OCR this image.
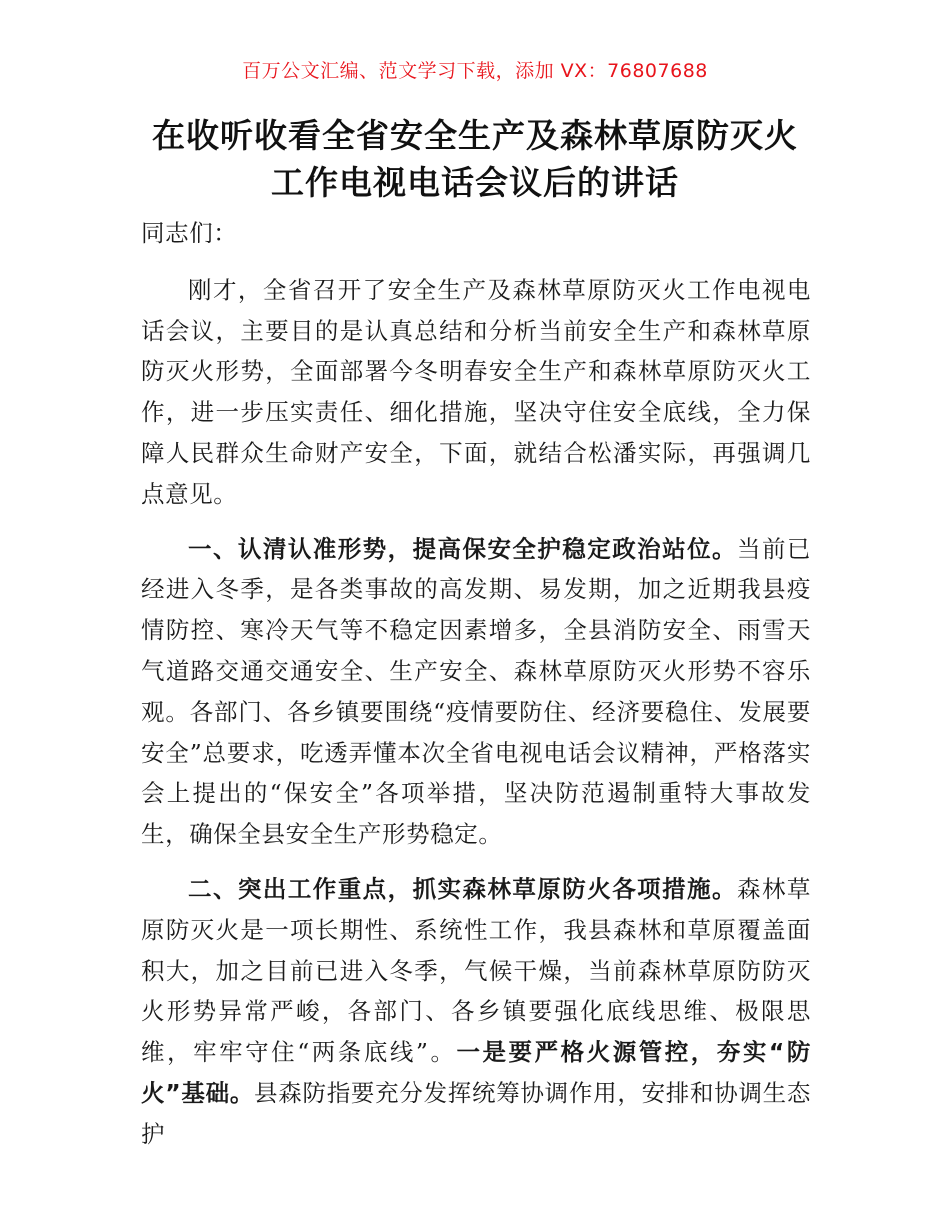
百万公文汇编、范文学习下载，添加 VX：76807688
在收听收看全省安全生产及森林草原防灭火
工作电视电话会议后的讲话

同志们：

刚才，全省召开了安全生产及森林草原防灭火工作电视电话会议，主要目的是认真总结和分析当前安全生产和森林草原防灭火形势，全面部署今冬明春安全生产和森林草原防灭火工作，进一步压实责任、细化措施，坚决守住安全底线，全力保障人民群众生命财产安全，下面，就结合松潘实际，再强调几点意见。

一、认清认准形势，提高保安全护稳定政治站位。当前已经进入冬季，是各类事故的高发期、易发期，加之近期我县疫情防控、寒冷天气等不稳定因素增多，全县消防安全、雨雪天气道路交通交通安全、生产安全、森林草原防灭火形势不容乐观。各部门、各乡镇要围绕“疫情要防住、经济要稳住、发展要安全”总要求，吃透弄懂本次全省电视电话会议精神，严格落实会上提出的“保安全”各项举措，坚决防范遏制重特大事故发生，确保全县安全生产形势稳定。

二、突出工作重点，抓实森林草原防火各项措施。森林草原防灭火是一项长期性、系统性工作，我县森林和草原覆盖面积大，加之目前已进入冬季，气候干燥，当前森林草原防防灭火形势异常严峻，各部门、各乡镇要强化底线思维、极限思维，牢牢守住“两条底线”。一是要严格火源管控，夯实“防火”基础。县森防指要充分发挥统筹协调作用，安排和协调生态护
